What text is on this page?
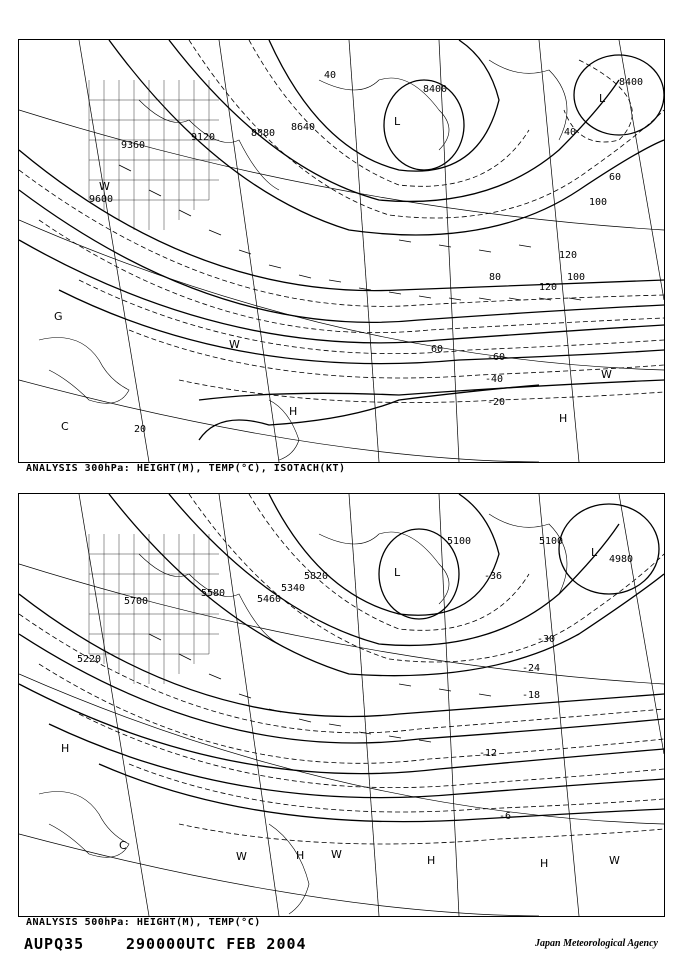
9120	8880
8640
8400
8400
9360
9600
20
40
40
60
60
80
100
100
120
120
-60
-40
-20
L
L
H
H
C
G
W
W
W
ANALYSIS 300hPa: HEIGHT(M), TEMP(°C), ISOTACH(KT)
5700
5580
5460
5340
5220
5100	5100
4980
5820	-36
-30
-24
-18
-12
-6
L
L
H
H	H	H
C
W	W	W
ANALYSIS 500hPa: HEIGHT(M), TEMP(°C)
AUPQ35	290000UTC FEB 2004	Japan Meteorological Agency
